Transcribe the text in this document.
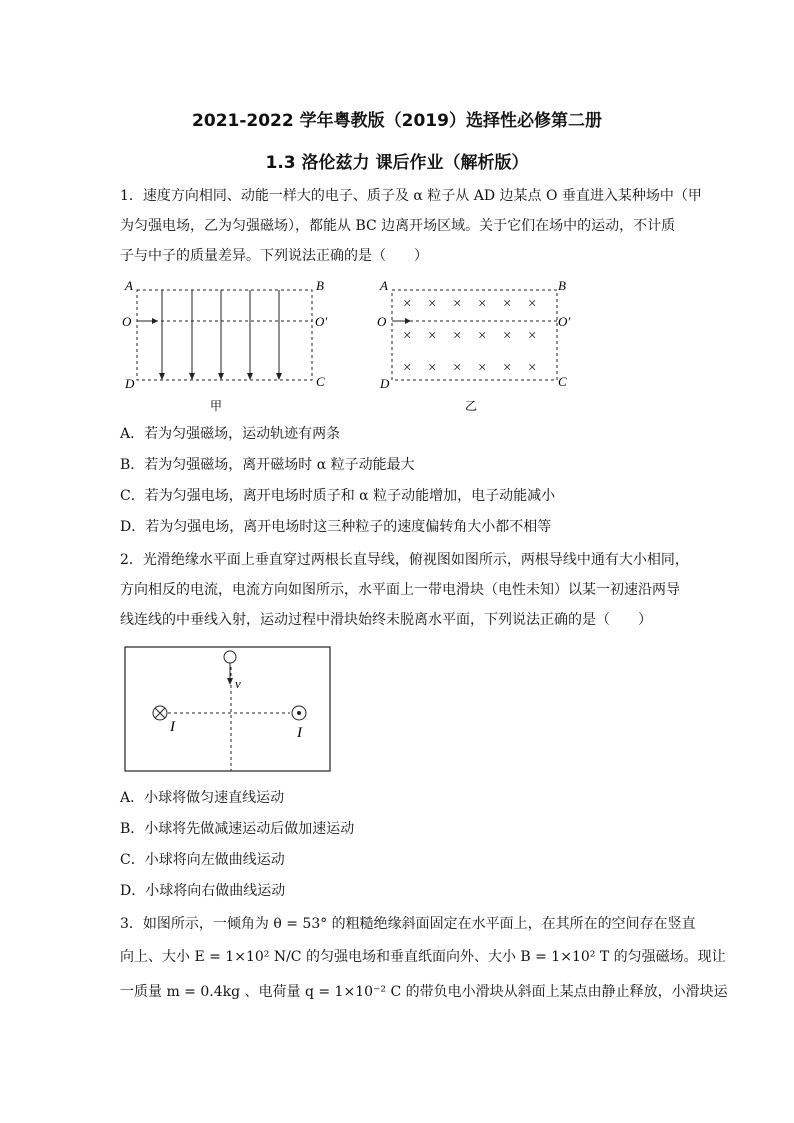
2021-2022 学年粤教版（2019）选择性必修第二册
1.3 洛伦兹力 课后作业（解析版）
1．速度方向相同、动能一样大的电子、质子及 α 粒子从 AD 边某点 O 垂直进入某种场中（甲
为匀强电场，乙为匀强磁场），都能从 BC 边离开场区域。关于它们在场中的运动，不计质
子与中子的质量差异。下列说法正确的是（　　）
A	B
C
D
O	O′
甲
× × × × × ×
× × × × × ×
× × × × × ×
A	B
C
D
O	O′
乙
A．若为匀强磁场，运动轨迹有两条
B．若为匀强磁场，离开磁场时 α 粒子动能最大
C．若为匀强电场，离开电场时质子和 α 粒子动能增加，电子动能减小
D．若为匀强电场，离开电场时这三种粒子的速度偏转角大小都不相等
2．光滑绝缘水平面上垂直穿过两根长直导线，俯视图如图所示，两根导线中通有大小相同，
方向相反的电流，电流方向如图所示，水平面上一带电滑块（电性未知）以某一初速沿两导
线连线的中垂线入射，运动过程中滑块始终未脱离水平面，下列说法正确的是（　　）
v
I	I
A．小球将做匀速直线运动
B．小球将先做减速运动后做加速运动
C．小球将向左做曲线运动
D．小球将向右做曲线运动
3．如图所示，一倾角为 θ = 53° 的粗糙绝缘斜面固定在水平面上，在其所在的空间存在竖直
向上、大小 E = 1×10² N/C 的匀强电场和垂直纸面向外、大小 B = 1×10² T 的匀强磁场。现让
一质量 m = 0.4kg 、电荷量 q = 1×10⁻² C 的带负电小滑块从斜面上某点由静止释放，小滑块运
